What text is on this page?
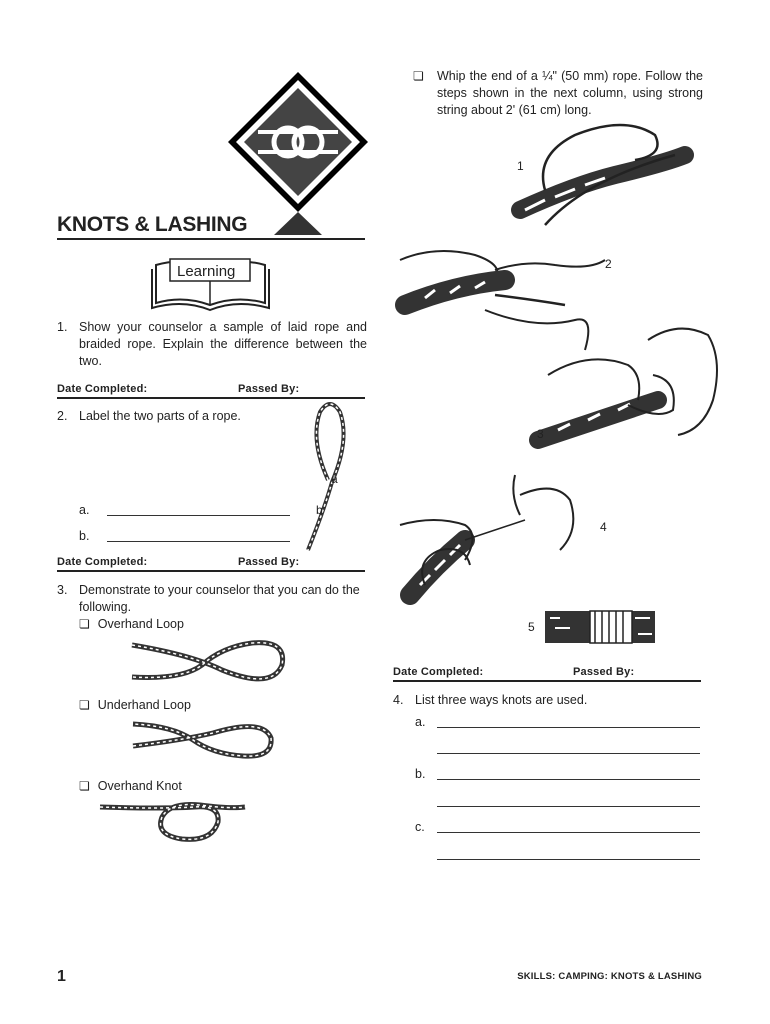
KNOTS & LASHING
Learning
1. Show your counselor a sample of laid rope and braided rope. Explain the difference between the two.
Date Completed:	Passed By:
2. Label the two parts of a rope.
a
b
a.
b.
Date Completed:	Passed By:
3. Demonstrate to your counselor that you can do the following.
❏ Overhand Loop
❏ Underhand Loop
❏ Overhand Knot
❏ Whip the end of a ¼" (50 mm) rope. Follow the steps shown in the next column, using strong string about 2' (61 cm) long.
1
2
3
4
5
Date Completed:	Passed By:
4. List three ways knots are used.
a.
b.
c.
1	SKILLS: CAMPING: KNOTS & LASHING
